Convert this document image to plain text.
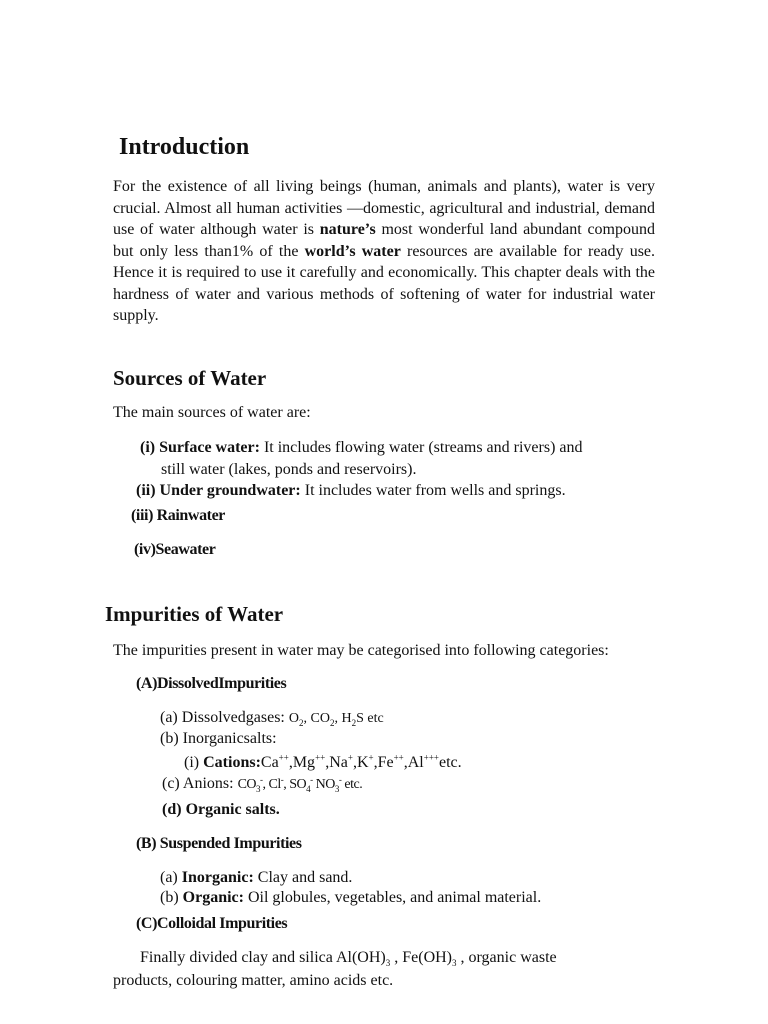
Introduction
For the existence of all living beings (human, animals and plants), water is very crucial. Almost all human activities —domestic, agricultural and industrial, demand use of water although water is nature’s most wonderful land abundant compound but only less than1% of the world’s water resources are available for ready use. Hence it is required to use it carefully and economically. This chapter deals with the hardness of water and various methods of softening of water for industrial water supply.
Sources of Water
The main sources of water are:
(i) Surface water: It includes flowing water (streams and rivers) and
still water (lakes, ponds and reservoirs).
(ii) Under groundwater: It includes water from wells and springs.
(iii) Rainwater
(iv)Seawater
Impurities of Water
The impurities present in water may be categorised into following categories:
(A)DissolvedImpurities
(a) Dissolvedgases: $O_2$, $CO_2$, $H_2S$ etc
(b) Inorganicsalts:
(i) Cations:Ca++,Mg++,Na+,K+,Fe++,Al+++etc.
(c) Anions: $CO_3^-$, Cl-, $SO_4^-$ $NO_3^-$ etc.
(d) Organic salts.
(B) Suspended Impurities
(a) Inorganic: Clay and sand.
(b) Organic: Oil globules, vegetables, and animal material.
(C)Colloidal Impurities
Finally divided clay and silica $Al(OH)_3$ , $Fe(OH)_3$ , organic waste
products, colouring matter, amino acids etc.
